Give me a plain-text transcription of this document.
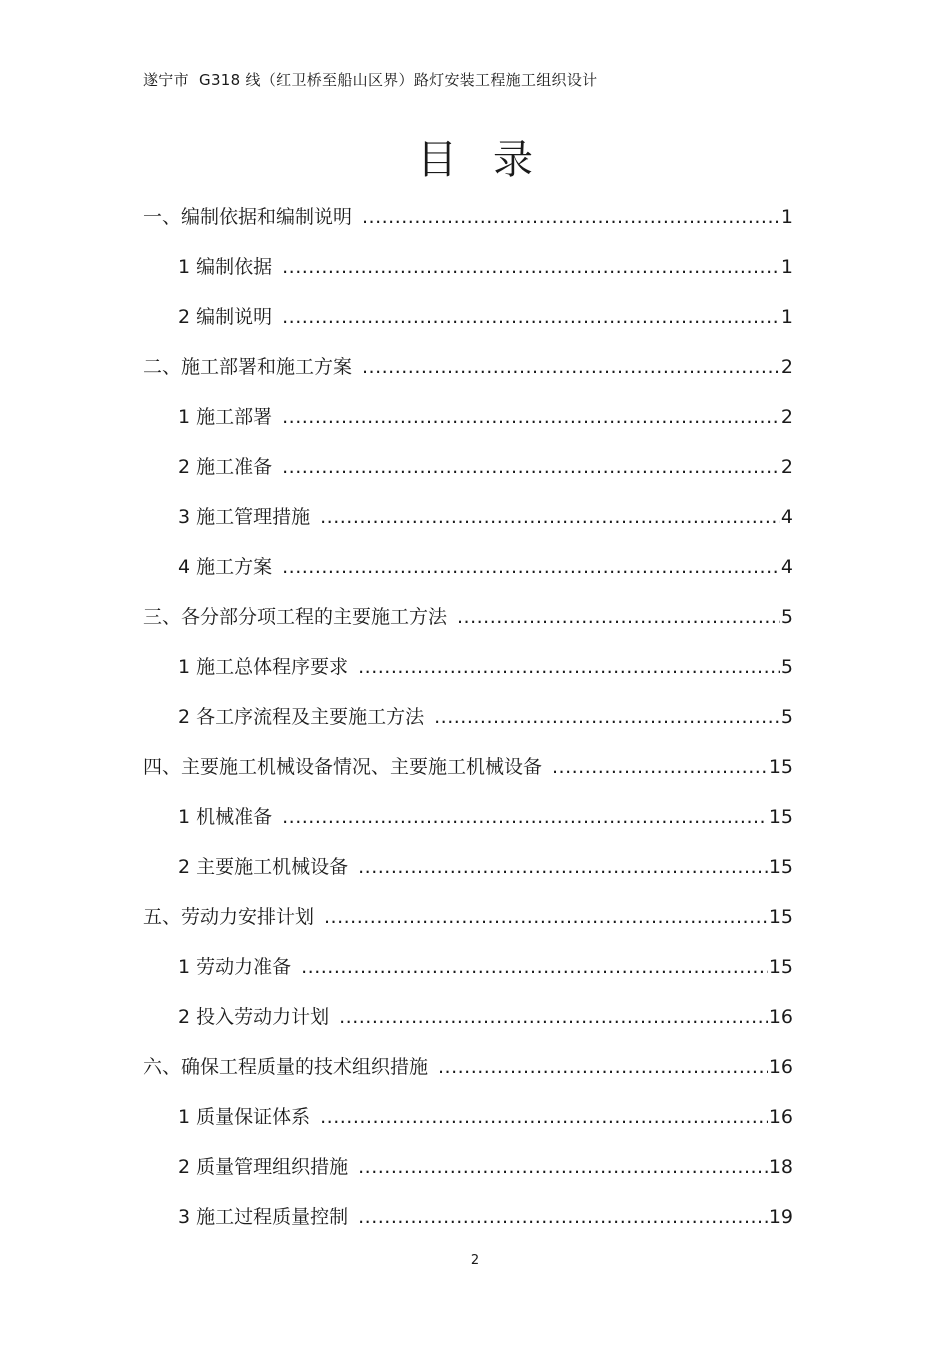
遂宁市  G318 线（红卫桥至船山区界）路灯安装工程施工组织设计
目录
一、编制依据和编制说明 .....	1
1 编制依据 .....	1
2 编制说明 .....	1
二、施工部署和施工方案 .....	2
1 施工部署 .....	2
2 施工准备 .....	2
3 施工管理措施 .....	4
4 施工方案 .....	4
三、各分部分项工程的主要施工方法 .....	5
1 施工总体程序要求 .....	5
2 各工序流程及主要施工方法 .....	5
四、主要施工机械设备情况、主要施工机械设备 .....	15
1 机械准备 .....	15
2 主要施工机械设备 .....	15
五、劳动力安排计划 .....	15
1 劳动力准备 .....	15
2 投入劳动力计划 .....	16
六、确保工程质量的技术组织措施 .....	16
1 质量保证体系 .....	16
2 质量管理组织措施 .....	18
3 施工过程质量控制 .....	19
2
